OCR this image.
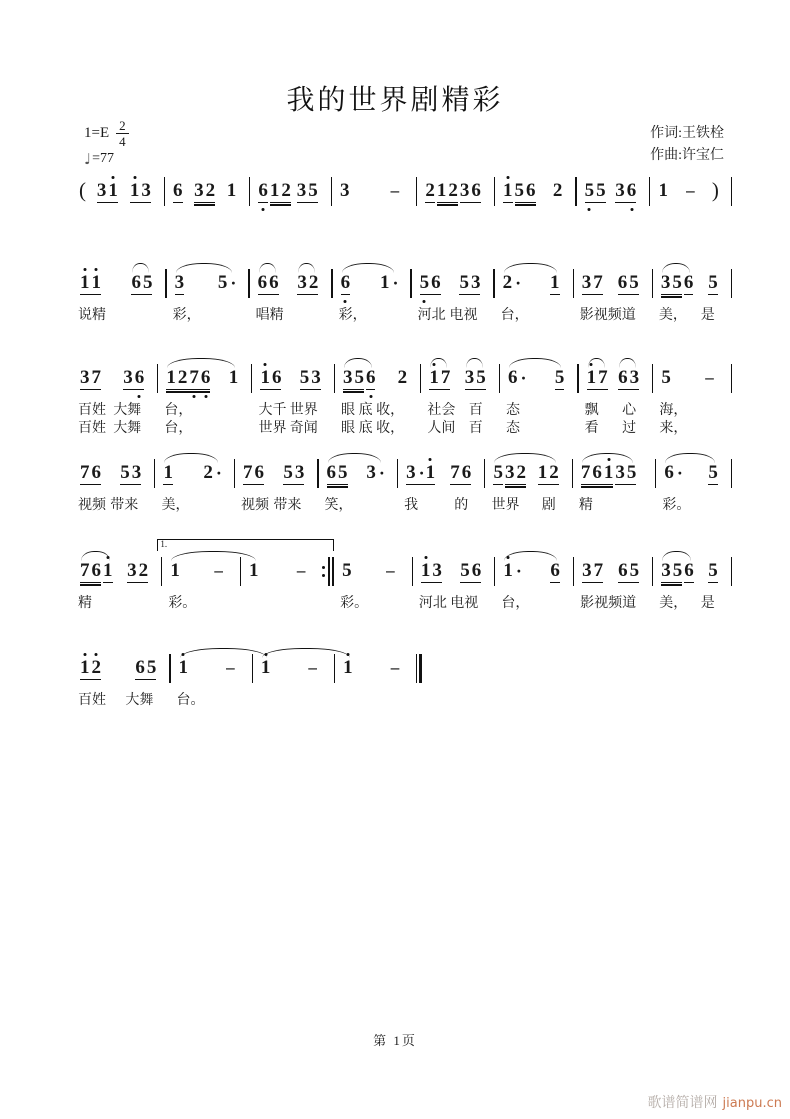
我的世界剧精彩
$1=E \frac{2}{4}$
♩ =77
作词:王铁栓
作曲:许宝仁
( 3 1 1 3 6 3 2 1 6 1 2 3 5 3 – 2 1 2 3 6 1 5 6 2 5 5 3 6 1 – )
1 1 6 5
说精
3 5 ·
彩，
6 6 3 2
唱精
6 1 ·
彩，
5 6 5 3
河北 电视
2 · 1
台，
3 7 6 5
影视 频道
3 5 6 5
美， 是
3 7 3 6
百姓 大舞
百姓 大舞
1 2 7 6 1
台，
台，
1 6 5 3
大千 世界
世界 奇闻
3 5 6 2
眼 底 收，
眼 底 收，
1 7 3 5
社会 百
人间 百
6 · 5
态
态
1 7 6 3
飘 心
看 过
5 –
海，
来，
7 6 5 3
视频 带来
1 2 ·
美，
7 6 5 3
视频 带来
6 5 3 ·
笑，
3 · 1 7 6
我	的
5 3 2 1 2
世界 剧
7 6 1 3 5
精
6 · 5
彩。
7 6 1 3 2
精
1 –
彩。
1 – 5 –
彩。
1 3 5 6
河北 电视
1 · 6
台，
3 7 6 5
影视 频道
3 5 6 5
美， 是
1.
1 2 6 5
百姓 大舞
1 –
台。
1 – 1 –
第 1页
歌谱简谱网 jianpu.cn
